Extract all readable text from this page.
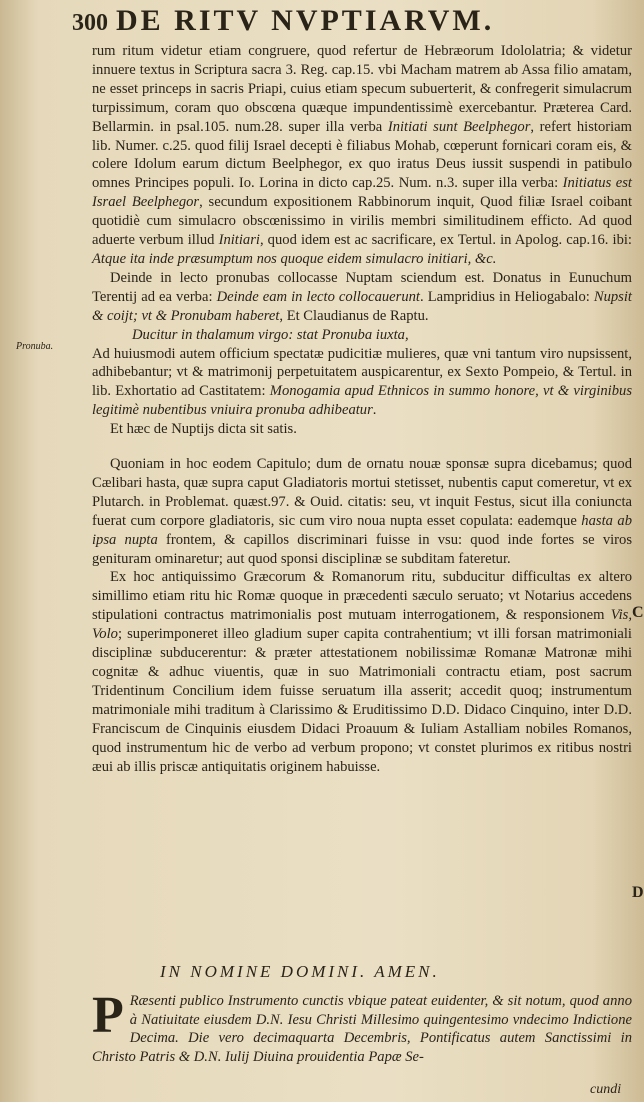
300 DE RITV NVPTIARVM.
Pronuba.
C
D

rum ritum videtur etiam congruere, quod refertur de Hebræorum Idololatria; & videtur innuere textus in Scriptura sacra 3. Reg. cap.15. vbi Macham matrem ab Assa filio amatam, ne esset princeps in sacris Priapi, cuius etiam specum subuerterit, & confregerit simulacrum turpissimum, coram quo obscœna quæque impundentissimè exercebantur. Præterea Card. Bellarmin. in psal.105. num.28. super illa verba Initiati sunt Beelphegor, refert historiam lib. Numer. c.25. quod filij Israel decepti è filiabus Mohab, cœperunt fornicari coram eis, & colere Idolum earum dictum Beelphegor, ex quo iratus Deus iussit suspendi in patibulo omnes Principes populi. Io. Lorina in dicto cap.25. Num. n.3. super illa verba: Initiatus est Israel Beelphegor, secundum expositionem Rabbinorum inquit, Quod filiæ Israel coibant quotidiè cum simulacro obscœnissimo in virilis membri similitudinem efficto. Ad quod aduerte verbum illud Initiari, quod idem est ac sacrificare, ex Tertul. in Apolog. cap.16. ibi: Atque ita inde præsumptum nos quoque eidem simulacro initiari, &c.

Deinde in lecto pronubas collocasse Nuptam sciendum est. Donatus in Eunuchum Terentij ad ea verba: Deinde eam in lecto collocauerunt. Lampridius in Heliogabalo: Nupsit & coijt; vt & Pronubam haberet, Et Claudianus de Raptu.

Ducitur in thalamum virgo: stat Pronuba iuxta,

Ad huiusmodi autem officium spectatæ pudicitiæ mulieres, quæ vni tantum viro nupsissent, adhibebantur; vt & matrimonij perpetuitatem auspicarentur, ex Sexto Pompeio, & Tertul. in lib. Exhortatio ad Castitatem: Monogamia apud Ethnicos in summo honore, vt & virginibus legitimè nubentibus vniuira pronuba adhibeatur.

Et hæc de Nuptijs dicta sit satis.

Quoniam in hoc eodem Capitulo; dum de ornatu nouæ sponsæ supra dicebamus; quod Cælibari hasta, quæ supra caput Gladiatoris mortui stetisset, nubentis caput comeretur, vt ex Plutarch. in Problemat. quæst.97. & Ouid. citatis: seu, vt inquit Festus, sicut illa coniuncta fuerat cum corpore gladiatoris, sic cum viro noua nupta esset copulata: eademque hasta ab ipsa nupta frontem, & capillos discriminari fuisse in vsu: quod inde fortes se viros genituram ominaretur; aut quod sponsi disciplinæ se subditam fateretur.

Ex hoc antiquissimo Græcorum & Romanorum ritu, subducitur difficultas ex altero simillimo etiam ritu hic Romæ quoque in præcedenti sæculo seruato; vt Notarius accedens stipulationi contractus matrimonialis post mutuam interrogationem, & responsionem Vis, Volo; superimponeret illeo gladium super capita contrahentium; vt illi forsan matrimoniali disciplinæ subducerentur: & præter attestationem nobilissimæ Romanæ Matronæ mihi cognitæ & adhuc viuentis, quæ in suo Matrimoniali contractu etiam, post sacrum Tridentinum Concilium idem fuisse seruatum illa asserit; accedit quoq; instrumentum matrimoniale mihi traditum à Clarissimo & Eruditissimo D.D. Didaco Cinquino, inter D.D. Franciscum de Cinquinis eiusdem Didaci Proauum & Iuliam Astalliam nobiles Romanos, quod instrumentum hic de verbo ad verbum propono; vt constet plurimos ex ritibus nostri æui ab illis priscæ antiquitatis originem habuisse.

IN NOMINE DOMINI. AMEN.
P Ræsenti publico Instrumento cunctis vbique pateat euidenter, & sit notum, quod anno à Natiuitate eiusdem D.N. Iesu Christi Millesimo quingentesimo vndecimo Indictione Decima. Die vero decimaquarta Decembris, Pontificatus autem Sanctissimi in Christo Patris & D.N. Iulij Diuina prouidentia Papæ Se-
cundi
